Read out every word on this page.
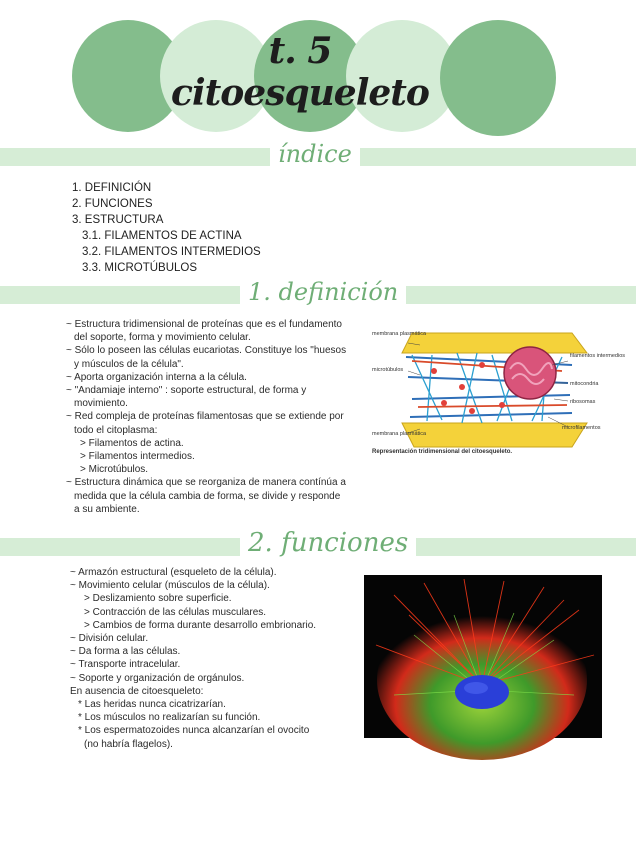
t. 5 citoesqueleto
índice
1. DEFINICIÓN
2. FUNCIONES
3. ESTRUCTURA
3.1. FILAMENTOS DE ACTINA
3.2. FILAMENTOS INTERMEDIOS
3.3. MICROTÚBULOS
1. definición
~ Estructura tridimensional de proteínas que es el fundamento
del soporte, forma y movimiento celular.
~ Sólo lo poseen las células eucariotas. Constituye los "huesos
y músculos de la célula".
~ Aporta organización interna a la célula.
~ "Andamiaje interno" : soporte estructural, de forma y
movimiento.
~ Red compleja de proteínas filamentosas que se extiende por
todo el citoplasma:
> Filamentos de actina.
> Filamentos intermedios.
> Microtúbulos.
~ Estructura dinámica que se reorganiza de manera contínúa a
medida que la célula cambia de forma, se divide y responde
a su ambiente.
membrana plasmática
microtúbulos
membrana plasmática
filamentos intermedios
mitocondria
ribosomas
microfilamentos
Representación tridimensional del citoesqueleto.
2. funciones
~ Armazón estructural (esqueleto de la célula).
~ Movimiento celular (músculos de la célula).
> Deslizamiento sobre superficie.
> Contracción de las células musculares.
> Cambios de forma durante desarrollo embrionario.
~ División celular.
~ Da forma a las células.
~ Transporte intracelular.
~ Soporte y organización de orgánulos.
En ausencia de citoesqueleto:
* Las heridas nunca cicatrizarían.
* Los músculos no realizarían su función.
* Los espermatozoides nunca alcanzarían el ovocito
(no habría flagelos).
